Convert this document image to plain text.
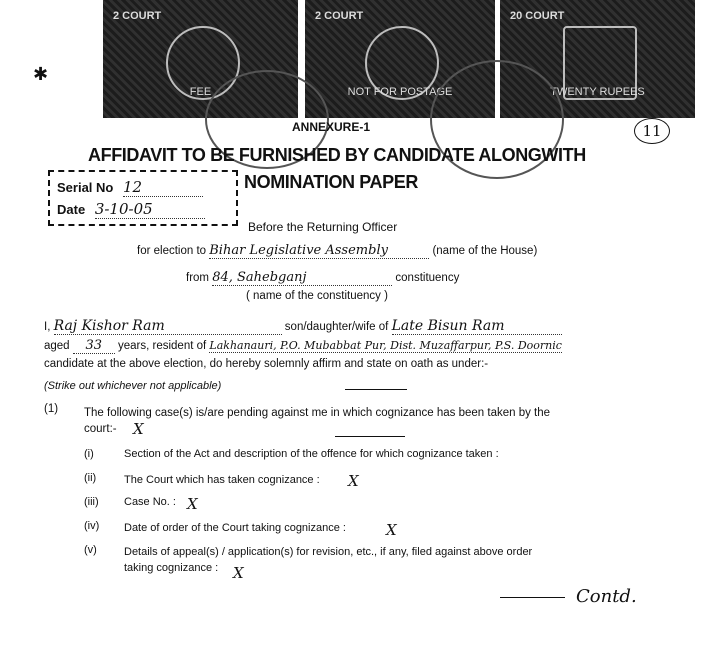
2 COURT
FEE
2 COURT
NOT FOR POSTAGE
20 COURT
TWENTY RUPEES
✱
ANNEXURE-1	11
AFFIDAVIT TO BE FURNISHED BY CANDIDATE ALONGWITH
NOMINATION PAPER
Serial No 12
Date 3-10-05
Before the Returning Officer
for election to Bihar Legislative Assembly	(name of the House)
from 84, Sahebganj	constituency
( name of the constituency )
I, Raj Kishor Ram	son/daughter/wife of Late Bisun Ram
aged 33 years, resident of Lakhanauri, P.O. Mubabbat Pur, Dist. Muzaffarpur, P.S. Doornic
candidate at the above election, do hereby solemnly affirm and state on oath as under:-
(Strike out whichever not applicable)
(1) The following case(s) is/are pending against me in which cognizance has been taken by the
court:- X
(i)	Section of the Act and description of the offence for which cognizance taken :
(ii)	The Court which has taken cognizance : X
(iii) Case No. : X
(iv) Date of order of the Court taking cognizance :	X
(v) Details of appeal(s) / application(s) for revision, etc., if any, filed against above order
taking cognizance : X
Contd.
